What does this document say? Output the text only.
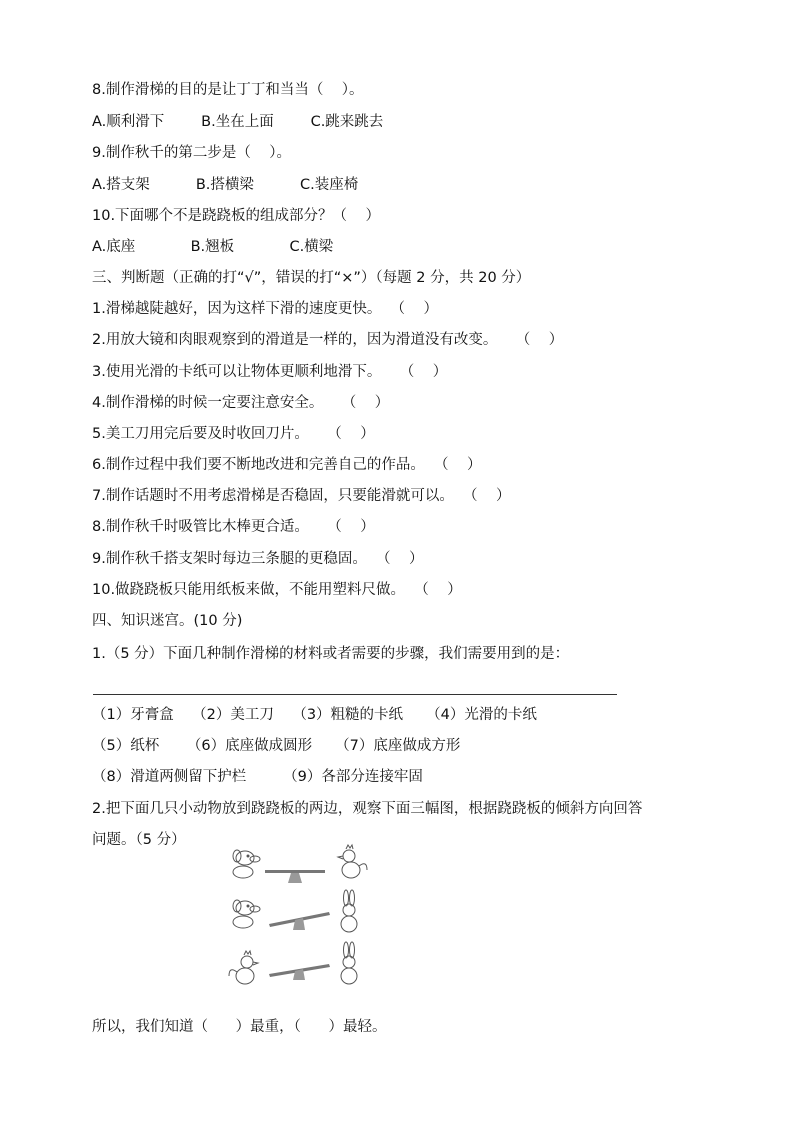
8.制作滑梯的目的是让丁丁和当当（    ）。
A.顺利滑下        B.坐在上面        C.跳来跳去
9.制作秋千的第二步是（    ）。
A.搭支架          B.搭横梁          C.装座椅
10.下面哪个不是跷跷板的组成部分？（    ）
A.底座            B.翘板            C.横梁
三、判断题（正确的打“√”，错误的打“×”）（每题 2 分，共 20 分）
1.滑梯越陡越好，因为这样下滑的速度更快。  （    ）
2.用放大镜和肉眼观察到的滑道是一样的，因为滑道没有改变。    （    ）
3.使用光滑的卡纸可以让物体更顺利地滑下。    （    ）
4.制作滑梯的时候一定要注意安全。    （    ）
5.美工刀用完后要及时收回刀片。    （    ）
6.制作过程中我们要不断地改进和完善自己的作品。  （    ）
7.制作话题时不用考虑滑梯是否稳固，只要能滑就可以。  （    ）
8.制作秋千时吸管比木棒更合适。    （    ）
9.制作秋千搭支架时每边三条腿的更稳固。  （    ）
10.做跷跷板只能用纸板来做，不能用塑料尺做。  （    ）
四、知识迷宫。(10 分)
1.（5 分）下面几种制作滑梯的材料或者需要的步骤，我们需要用到的是：
（1）牙膏盒    （2）美工刀    （3）粗糙的卡纸     （4）光滑的卡纸
（5）纸杯      （6）底座做成圆形     （7）底座做成方形
（8）滑道两侧留下护栏        （9）各部分连接牢固
2.把下面几只小动物放到跷跷板的两边，观察下面三幅图，根据跷跷板的倾斜方向回答
问题。（5 分）
所以，我们知道（      ）最重，（      ）最轻。
